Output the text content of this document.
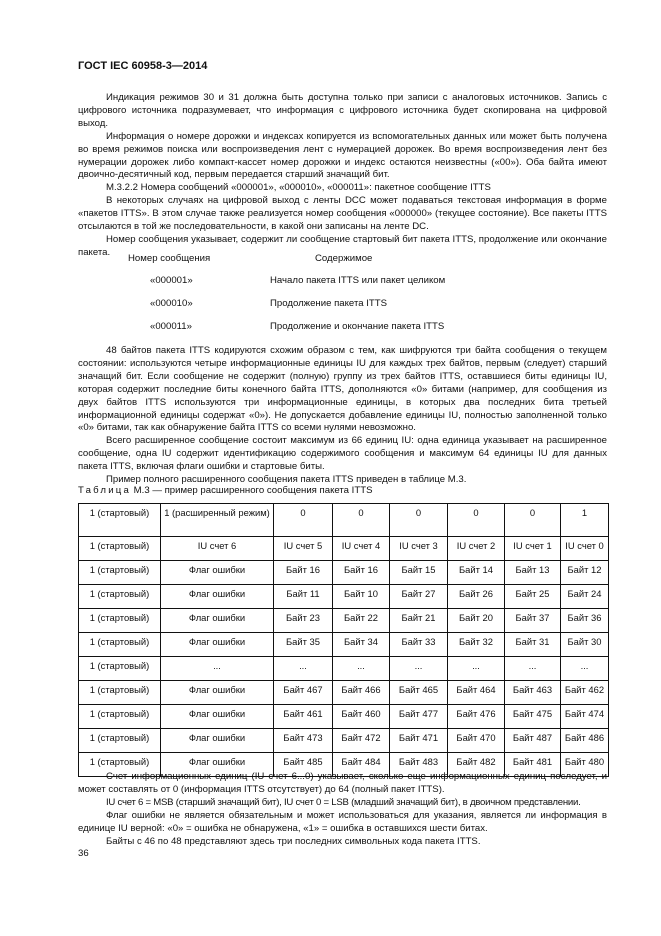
ГОСТ IEC 60958-3—2014

Индикация режимов 30 и 31 должна быть доступна только при записи с аналоговых источников. Запись с цифрового источника подразумевает, что информация с цифрового источника будет скопирована на цифровой выход.

Информация о номере дорожки и индексах копируется из вспомогательных данных или может быть получена во время режимов поиска или воспроизведения лент с нумерацией дорожек. Во время воспроизведения лент без нумерации дорожек либо компакт-кассет номер дорожки и индекс остаются неизвестны («00»). Оба байта имеют двоично-десятичный код, первым передается старший значащий бит.

М.3.2.2 Номера сообщений «000001», «000010», «000011»: пакетное сообщение ITTS

В некоторых случаях на цифровой выход с ленты DCC может подаваться текстовая информация в форме «пакетов ITTS». В этом случае также реализуется номер сообщения «000000» (текущее состояние). Все пакеты ITTS отсылаются в той же последовательности, в какой они записаны на ленте DC.

Номер сообщения указывает, содержит ли сообщение стартовый бит пакета ITTS, продолжение или окончание пакета.

Номер сообщения	Содержимое
«000001»	Начало пакета ITTS или пакет целиком
«000010»	Продолжение пакета ITTS
«000011»	Продолжение и окончание пакета ITTS

48 байтов пакета ITTS кодируются схожим образом с тем, как шифруются три байта сообщения о текущем состоянии: используются четыре информационные единицы IU для каждых трех байтов, первым (следует) старший значащий бит. Если сообщение не содержит (полную) группу из трех байтов ITTS, оставшиеся биты единицы IU, которая содержит последние биты конечного байта ITTS, дополняются «0» битами (например, для сообщения из двух байтов ITTS используются три информационные единицы, в которых два последних бита третьей информационной единицы содержат «0»). Не допускается добавление единицы IU, полностью заполненной только «0» битами, так как обнаружение байта ITTS со всеми нулями невозможно.

Всего расширенное сообщение состоит максимум из 66 единиц IU: одна единица указывает на расширенное сообщение, одна IU содержит идентификацию содержимого сообщения и максимум 64 единицы IU для данных пакета ITTS, включая флаги ошибки и стартовые биты.

Пример полного расширенного сообщения пакета ITTS приведен в таблице М.3.

Таблица М.3 — пример расширенного сообщения пакета ITTS
1 (стартовый)	1 (расширенный режим)	0	0	0	0	0	1
1 (стартовый)	IU счет 6	IU счет 5	IU счет 4	IU счет 3	IU счет 2	IU счет 1	IU счет 0
1 (стартовый)	Флаг ошибки	Байт 16	Байт 16	Байт 15	Байт 14	Байт 13	Байт 12
1 (стартовый)	Флаг ошибки	Байт 11	Байт 10	Байт 27	Байт 26	Байт 25	Байт 24
1 (стартовый)	Флаг ошибки	Байт 23	Байт 22	Байт 21	Байт 20	Байт 37	Байт 36
1 (стартовый)	Флаг ошибки	Байт 35	Байт 34	Байт 33	Байт 32	Байт 31	Байт 30
1 (стартовый)	...	...	...	...	...	...	...
1 (стартовый)	Флаг ошибки	Байт 467	Байт 466	Байт 465	Байт 464	Байт 463	Байт 462
1 (стартовый)	Флаг ошибки	Байт 461	Байт 460	Байт 477	Байт 476	Байт 475	Байт 474
1 (стартовый)	Флаг ошибки	Байт 473	Байт 472	Байт 471	Байт 470	Байт 487	Байт 486
1 (стартовый)	Флаг ошибки	Байт 485	Байт 484	Байт 483	Байт 482	Байт 481	Байт 480

Счет информационных единиц (IU счет 6...0) указывает, сколько еще информационных единиц последует, и может составлять от 0 (информация ITTS отсутствует) до 64 (полный пакет ITTS).

IU счет 6 = MSB (старший значащий бит), IU счет 0 = LSB (младший значащий бит), в двоичном представлении.

Флаг ошибки не является обязательным и может использоваться для указания, является ли информация в единице IU верной: «0» = ошибка не обнаружена, «1» = ошибка в оставшихся шести битах.

Байты с 46 по 48 представляют здесь три последних символьных кода пакета ITTS.

36
